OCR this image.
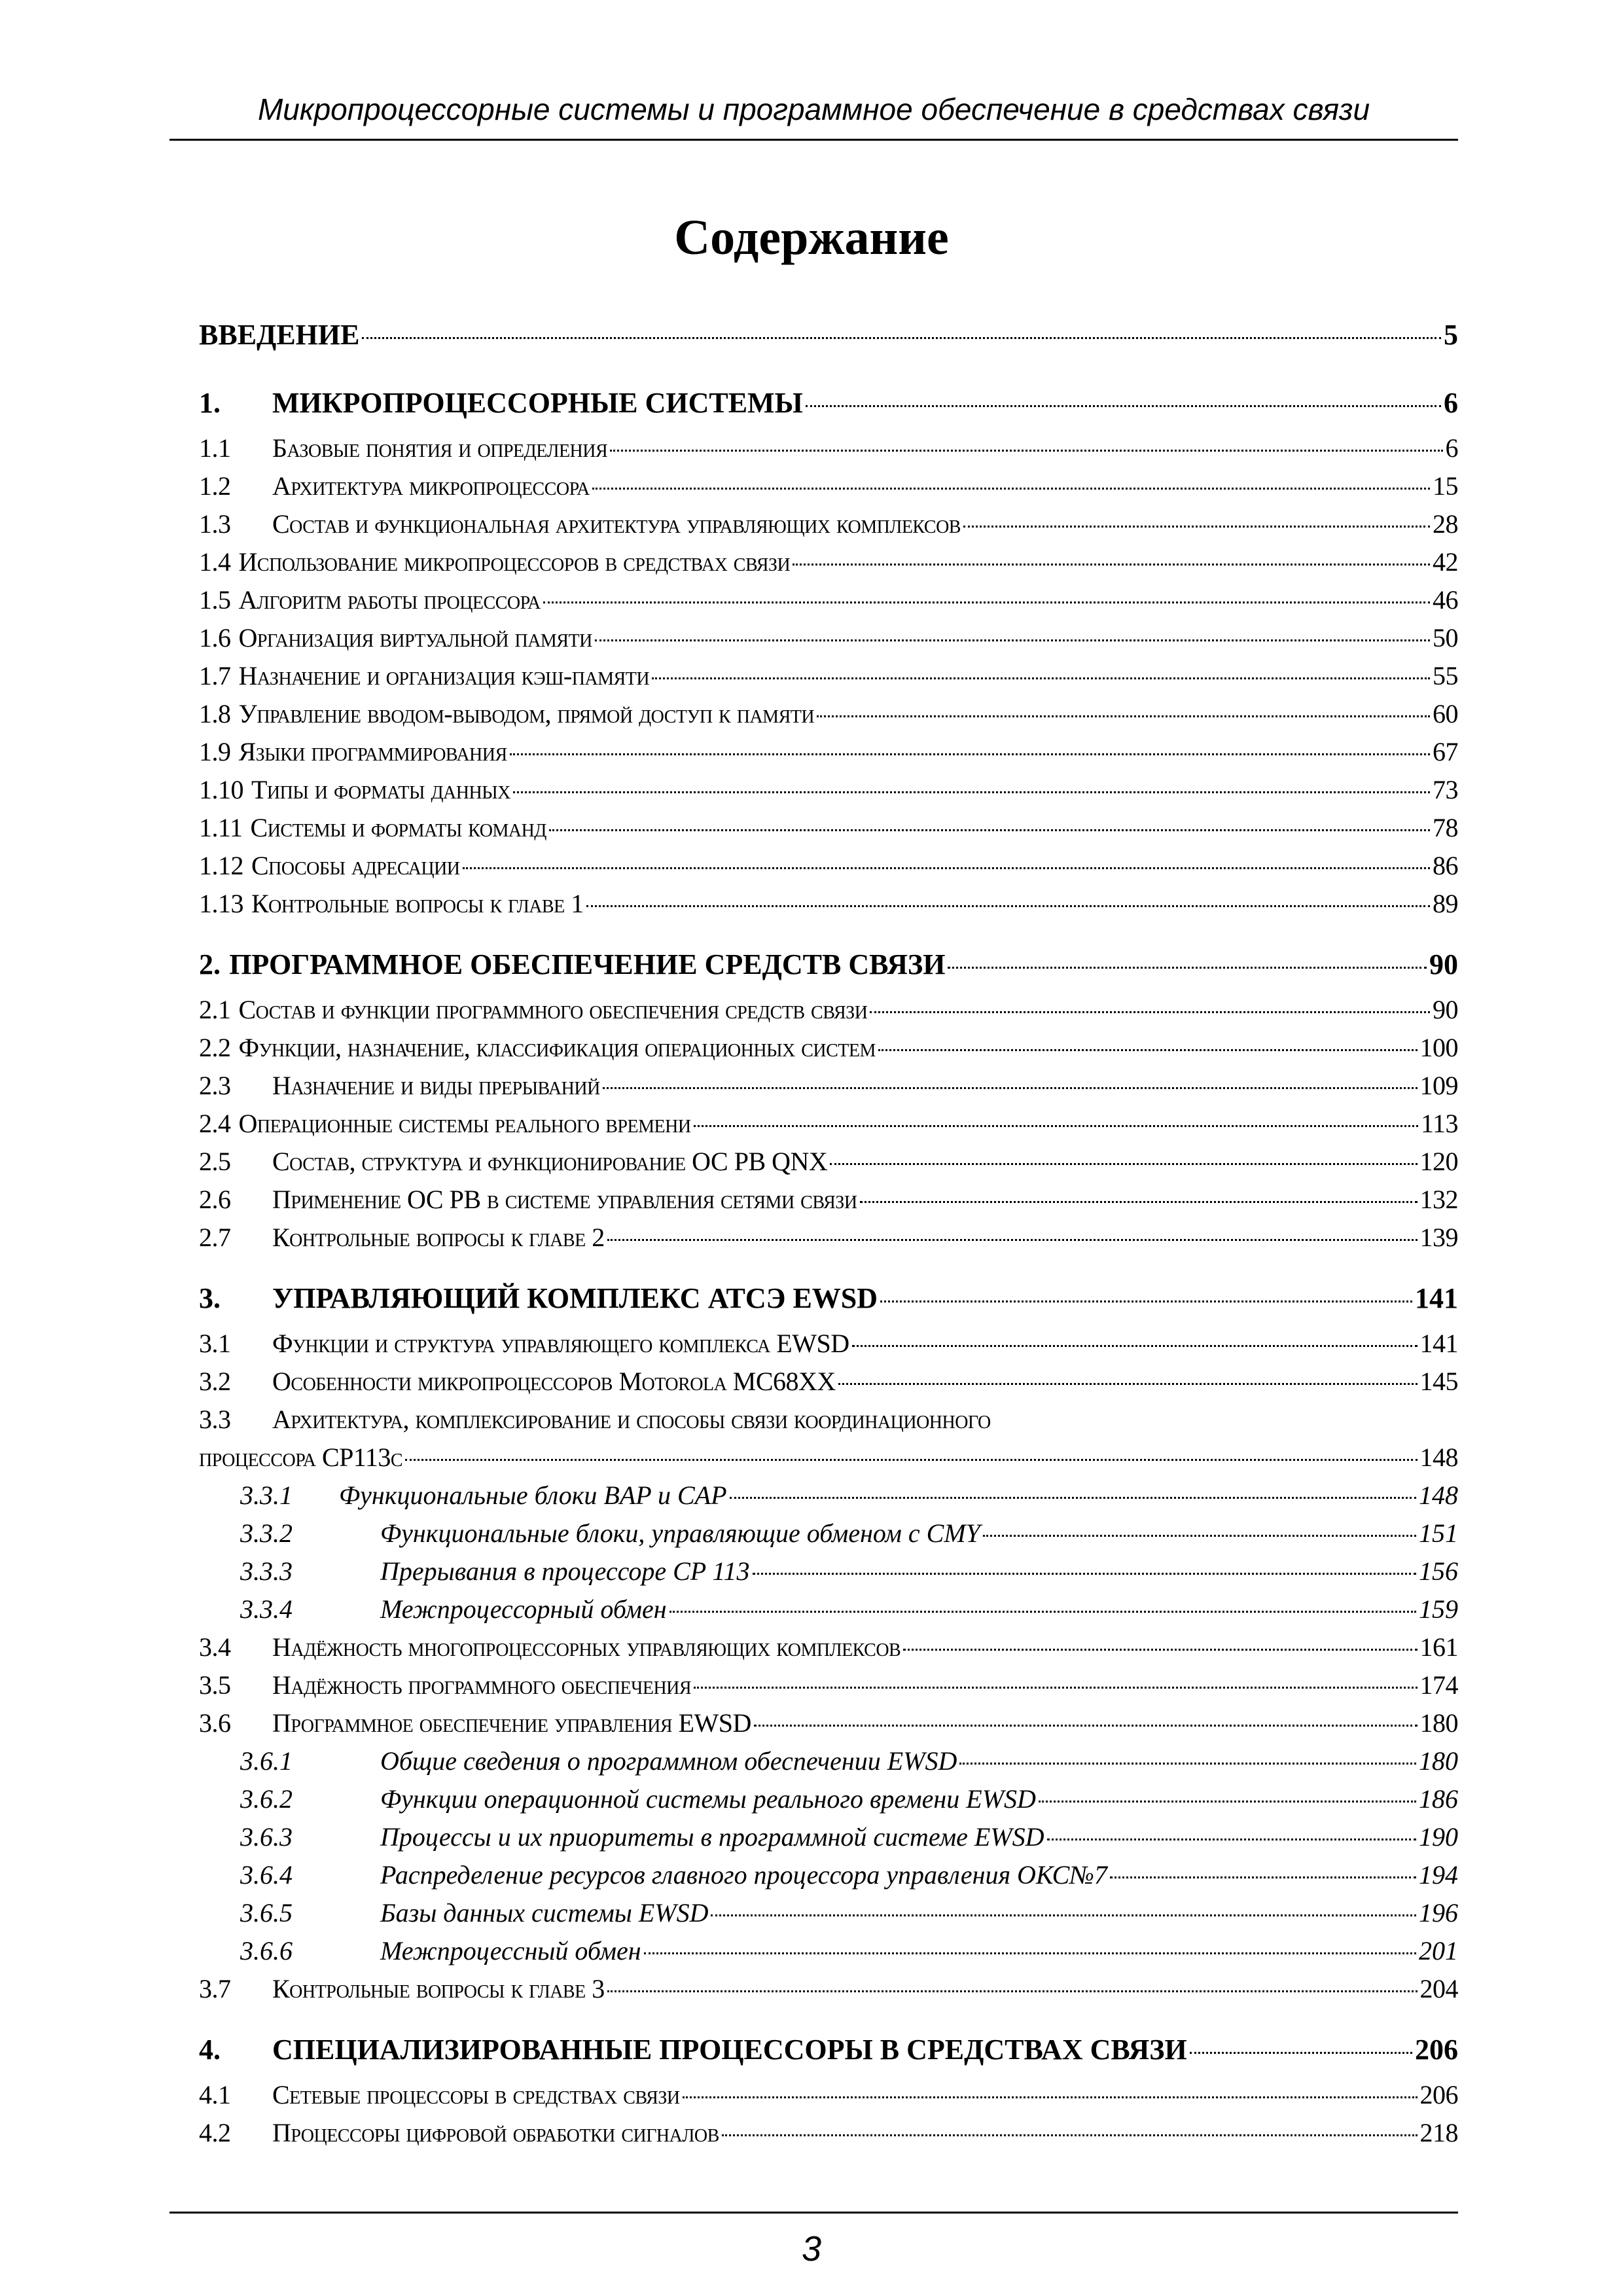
Микропроцессорные системы и программное обеспечение в средствах связи
Содержание
ВВЕДЕНИЕ	5
1.	МИКРОПРОЦЕССОРНЫЕ СИСТЕМЫ	6
1.1	Базовые понятия и определения	6
1.2	Архитектура микропроцессора	15
1.3	Состав и функциональная архитектура управляющих комплексов	28
1.4 Использование микропроцессоров в средствах связи	42
1.5 Алгоритм работы процессора	46
1.6 Организация виртуальной памяти	50
1.7 Назначение и организация кэш-памяти	55
1.8 Управление вводом-выводом, прямой доступ к памяти	60
1.9 Языки программирования	67
1.10 Типы и форматы данных	73
1.11 Системы и форматы команд	78
1.12 Способы адресации	86
1.13 Контрольные вопросы к главе 1	89
2. ПРОГРАММНОЕ ОБЕСПЕЧЕНИЕ СРЕДСТВ СВЯЗИ	90
2.1 Состав и функции программного обеспечения средств связи	90
2.2 Функции, назначение, классификация операционных систем	100
2.3	Назначение и виды прерываний	109
2.4 Операционные системы реального времени	113
2.5	Состав, структура и функционирование ОС РВ QNX	120
2.6	Применение ОС РВ в системе управления сетями связи	132
2.7	Контрольные вопросы к главе 2	139
3.	УПРАВЛЯЮЩИЙ КОМПЛЕКС АТСЭ EWSD	141
3.1	Функции и структура управляющего комплекса EWSD	141
3.2	Особенности микропроцессоров Motorola MC68XX	145
3.3	Архитектура, комплексирование и способы связи координационного
процессора CP113c	148
3.3.1	Функциональные блоки BAP и CAP	148
3.3.2	Функциональные блоки, управляющие обменом с CMY	151
3.3.3	Прерывания в процессоре CP 113	156
3.3.4	Межпроцессорный обмен	159
3.4	Надёжность многопроцессорных управляющих комплексов	161
3.5	Надёжность программного обеспечения	174
3.6	Программное обеспечение управления EWSD	180
3.6.1	Общие сведения о программном обеспечении EWSD	180
3.6.2	Функции операционной системы реального времени EWSD	186
3.6.3	Процессы и их приоритеты в программной системе EWSD	190
3.6.4	Распределение ресурсов главного процессора управления ОКС№7	194
3.6.5	Базы данных системы EWSD	196
3.6.6	Межпроцессный обмен	201
3.7	Контрольные вопросы к главе 3	204
4.	СПЕЦИАЛИЗИРОВАННЫЕ ПРОЦЕССОРЫ В СРЕДСТВАХ СВЯЗИ	206
4.1	Сетевые процессоры в средствах связи	206
4.2	Процессоры цифровой обработки сигналов	218
3
